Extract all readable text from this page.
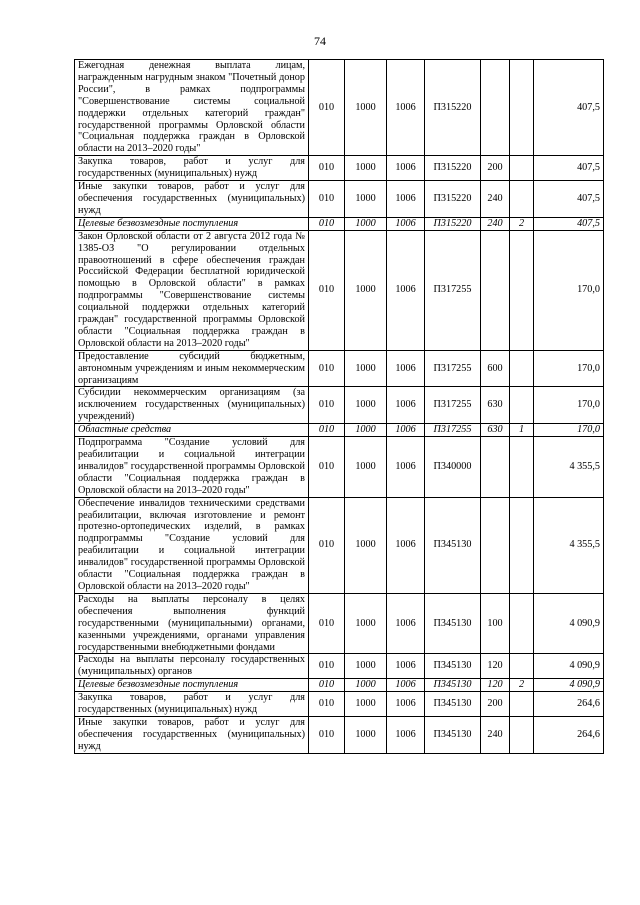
74
Ежегодная денежная выплата лицам, награжденным нагрудным знаком "Почетный донор России", в рамках подпрограммы "Совершенствование системы социальной поддержки отдельных категорий граждан" государственной программы Орловской области "Социальная поддержка граждан в Орловской области на 2013–2020 годы"	010	1000	1006	П315220			407,5
Закупка товаров, работ и услуг для государственных (муниципальных) нужд	010	1000	1006	П315220	200		407,5
Иные закупки товаров, работ и услуг для обеспечения государственных (муниципальных) нужд	010	1000	1006	П315220	240		407,5
Целевые безвозмездные поступления	010	1000	1006	П315220	240	2	407,5
Закон Орловской области от 2 августа 2012 года № 1385-ОЗ "О регулировании отдельных правоотношений в сфере обеспечения граждан Российской Федерации бесплатной юридической помощью в Орловской области" в рамках подпрограммы "Совершенствование системы социальной поддержки отдельных категорий граждан" государственной программы Орловской области "Социальная поддержка граждан в Орловской области на 2013–2020 годы"	010	1000	1006	П317255			170,0
Предоставление субсидий бюджетным, автономным учреждениям и иным некоммерческим организациям	010	1000	1006	П317255	600		170,0
Субсидии некоммерческим организациям (за исключением государственных (муниципальных) учреждений)	010	1000	1006	П317255	630		170,0
Областные средства	010	1000	1006	П317255	630	1	170,0
Подпрограмма "Создание условий для реабилитации и социальной интеграции инвалидов" государственной программы Орловской области "Социальная поддержка граждан в Орловской области на 2013–2020 годы"	010	1000	1006	П340000			4 355,5
Обеспечение инвалидов техническими средствами реабилитации, включая изготовление и ремонт протезно-ортопедических изделий, в рамках подпрограммы "Создание условий для реабилитации и социальной интеграции инвалидов" государственной программы Орловской области "Социальная поддержка граждан в Орловской области на 2013–2020 годы"	010	1000	1006	П345130			4 355,5
Расходы на выплаты персоналу в целях обеспечения выполнения функций государственными (муниципальными) органами, казенными учреждениями, органами управления государственными внебюджетными фондами	010	1000	1006	П345130	100		4 090,9
Расходы на выплаты персоналу государственных (муниципальных) органов	010	1000	1006	П345130	120		4 090,9
Целевые безвозмездные поступления	010	1000	1006	П345130	120	2	4 090,9
Закупка товаров, работ и услуг для государственных (муниципальных) нужд	010	1000	1006	П345130	200		264,6
Иные закупки товаров, работ и услуг для обеспечения государственных (муниципальных) нужд	010	1000	1006	П345130	240		264,6
